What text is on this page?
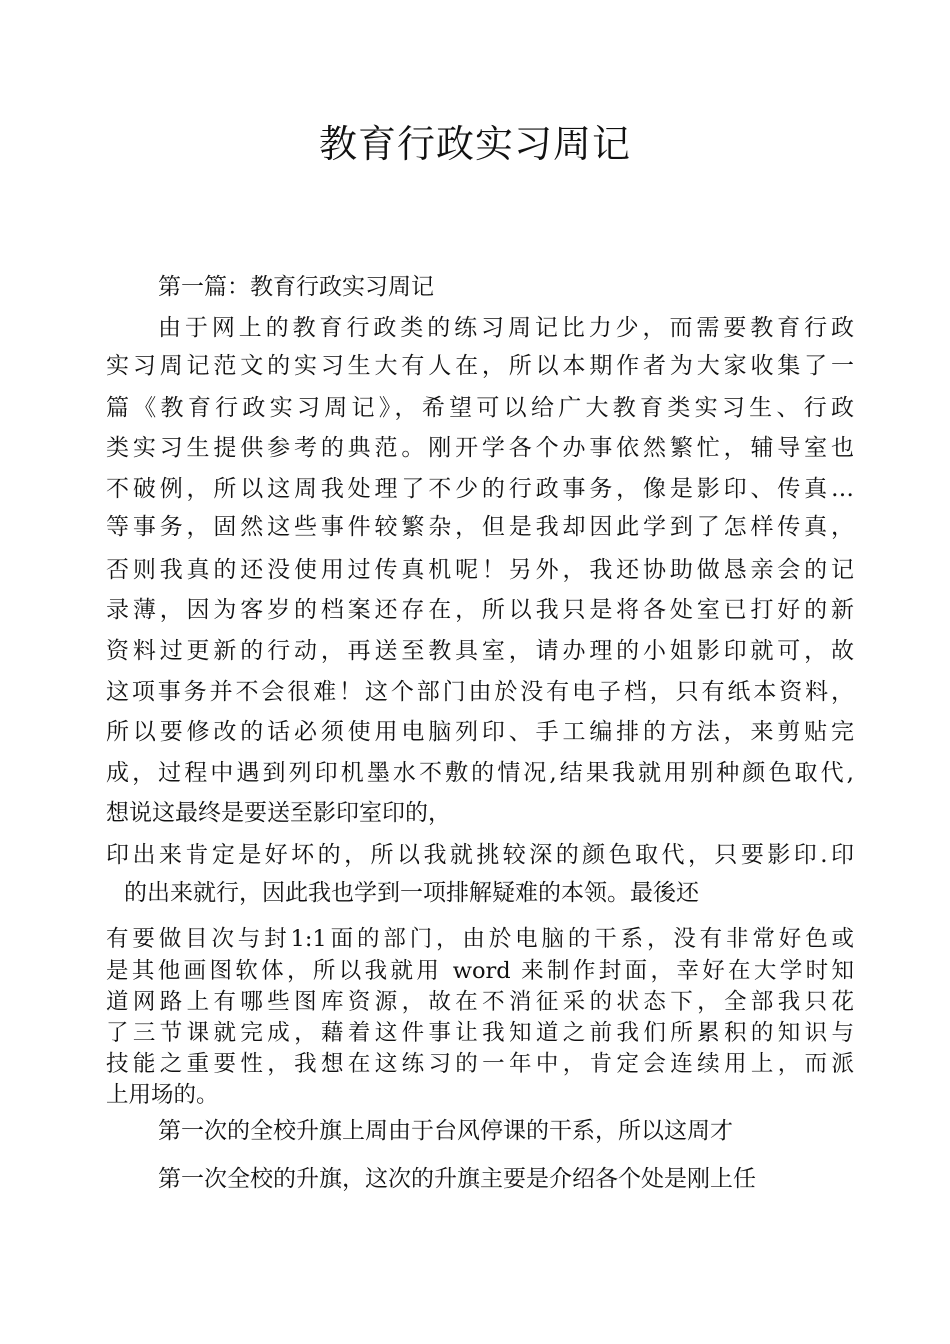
教育行政实习周记
第一篇：教育行政实习周记
由于网上的教育行政类的练习周记比力少，而需要教育行政
实习周记范文的实习生大有人在，所以本期作者为大家收集了一
篇《教育行政实习周记》，希望可以给广大教育类实习生、行政
类实习生提供参考的典范。刚开学各个办事依然繁忙，辅导室也
不破例，所以这周我处理了不少的行政事务，像是影印、传真…
等事务，固然这些事件较繁杂，但是我却因此学到了怎样传真，
否则我真的还没使用过传真机呢！另外，我还协助做恳亲会的记
录薄，因为客岁的档案还存在，所以我只是将各处室已打好的新
资料过更新的行动，再送至教具室，请办理的小姐影印就可，故
这项事务并不会很难！这个部门由於没有电子档，只有纸本资料，
所以要修改的话必须使用电脑列印、手工编排的方法，来剪贴完
成，过程中遇到列印机墨水不敷的情况,结果我就用别种颜色取代,
想说这最终是要送至影印室印的，
印出来肯定是好坏的，所以我就挑较深的颜色取代，只要影印.印
的出来就行，因此我也学到一项排解疑难的本领。最後还
有要做目次与封1:1面的部门，由於电脑的干系，没有非常好色或
是其他画图软体，所以我就用 word 来制作封面，幸好在大学时知
道网路上有哪些图库资源，故在不消征采的状态下，全部我只花
了三节课就完成，藉着这件事让我知道之前我们所累积的知识与
技能之重要性，我想在这练习的一年中，肯定会连续用上，而派
上用场的。
第一次的全校升旗上周由于台风停课的干系，所以这周才
第一次全校的升旗，这次的升旗主要是介绍各个处是刚上任
